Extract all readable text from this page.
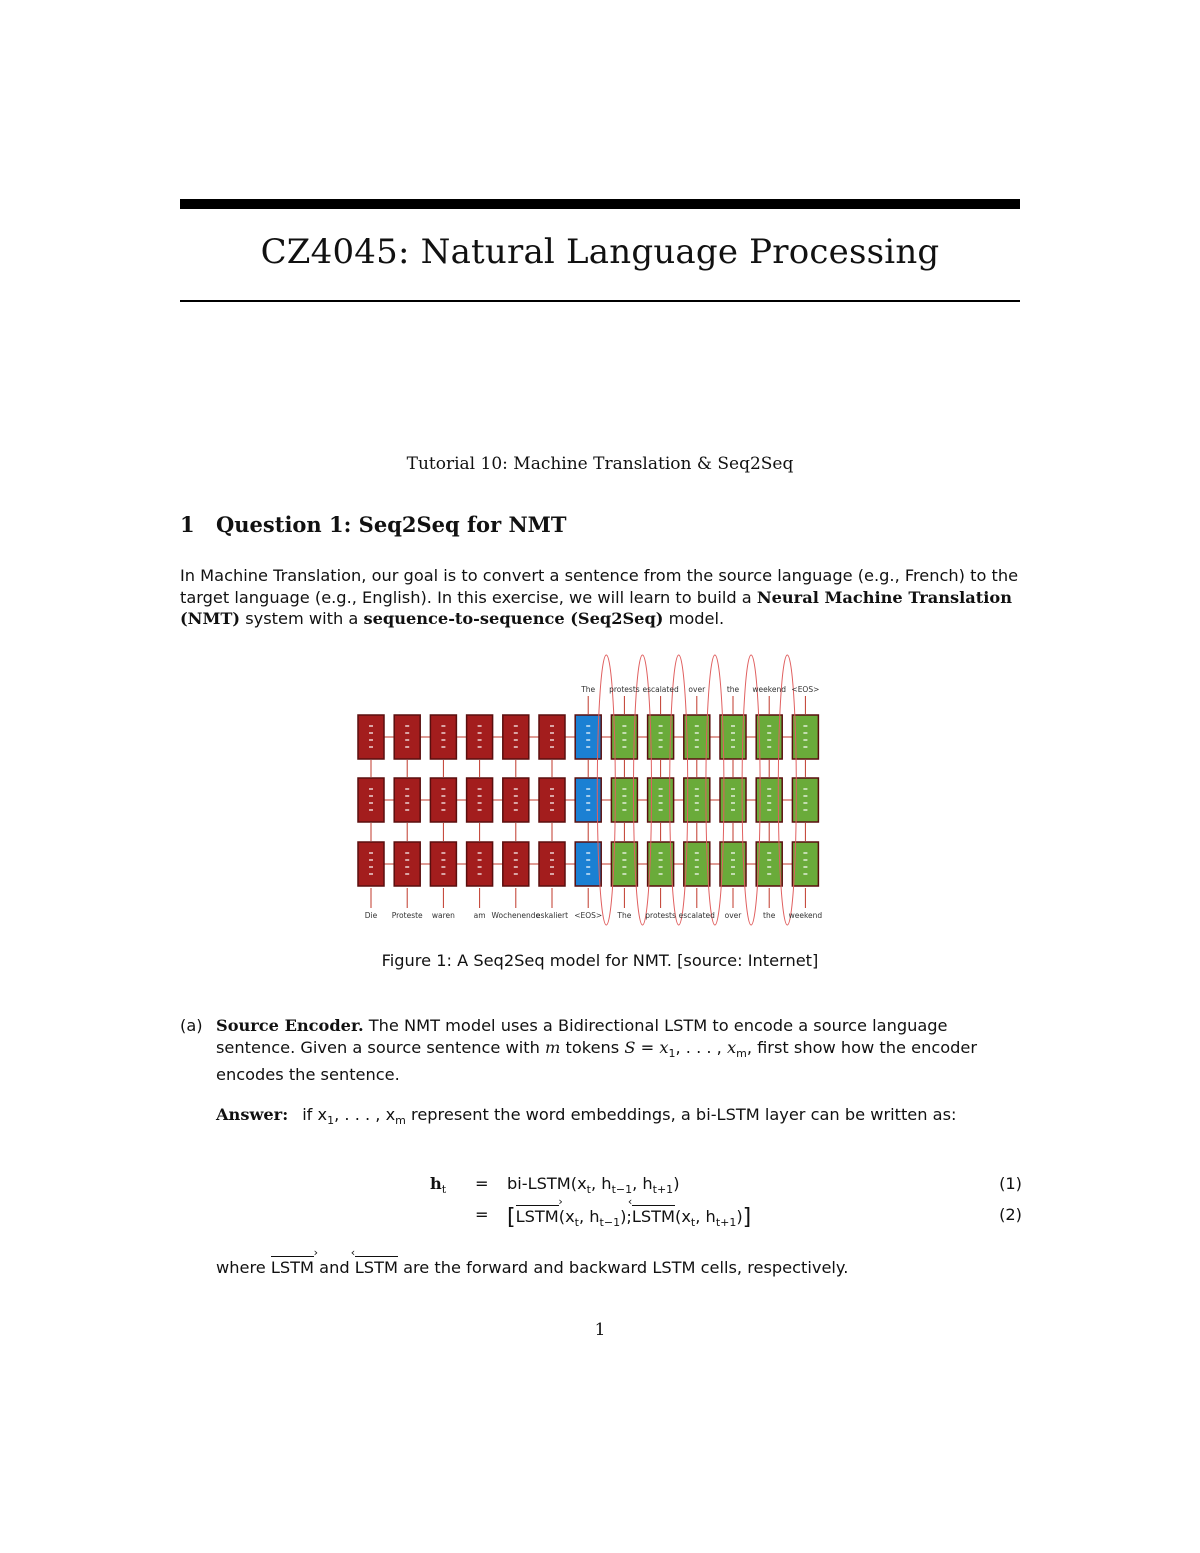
CZ4045: Natural Language Processing

Tutorial 10: Machine Translation & Seq2Seq

1 Question 1: Seq2Seq for NMT

In Machine Translation, our goal is to convert a sentence from the source language (e.g., French) to the target language (e.g., English). In this exercise, we will learn to build a Neural Machine Translation (NMT) system with a sequence-to-sequence (Seq2Seq) model.

Die Proteste waren am Wochenende
eskaliert <EOS> The protests escalated over	the weekend
The protests escalated over	the weekend <EOS>

Figure 1: A Seq2Seq model for NMT. [source: Internet]

(a) Source Encoder. The NMT model uses a Bidirectional LSTM to encode a source language sentence. Given a source sentence with m tokens $S = x_1$, . . . , $x_m$, first show how the encoder encodes the sentence.

Answer: if $x_1$, . . . , $x_m$ represent the word embeddings, a bi-LSTM layer can be written as:

$h_t$ = $bi-LSTM(x_t$, $h_{t-1}$, $h_{t+1}$)	(1)
= [LSTM $›(x_t$, $h_{t-1});LSTM$ $‹(x_t$, $h_{t+1}$)]	(2)

where LSTM › and LSTM ‹ are the forward and backward LSTM cells, respectively.

1
